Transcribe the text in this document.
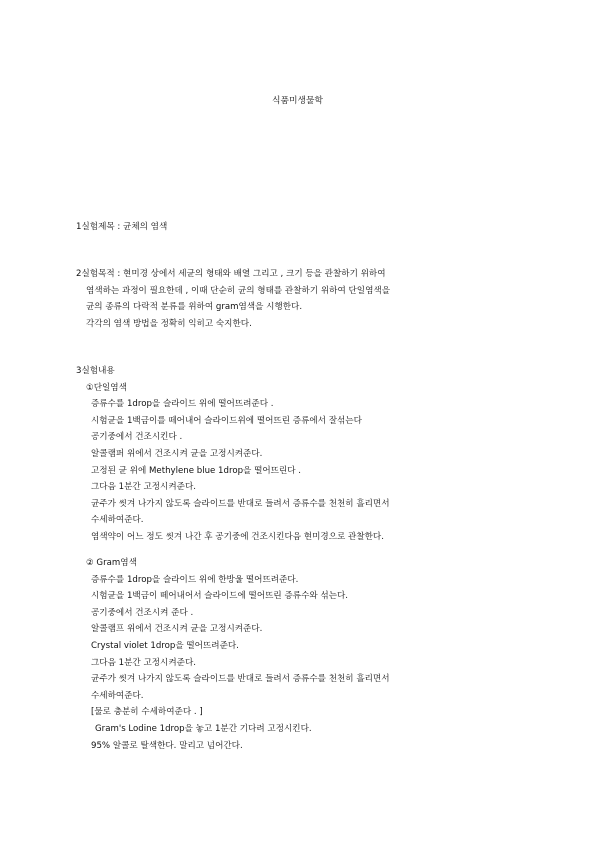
식품미생물학
1실험제목 : 균체의 염색
2실험목적 : 현미경 상에서 세균의 형태와 배열 그리고 , 크기 등을 관찰하기 위하여
염색하는 과정이 필요한데 , 이때 단순히 균의 형태를 관찰하기 위하여 단일염색을
균의 종류의 다락적 분류를 위하여 gram염색을 시행한다.
각각의 염색 방법을 정확히 익히고 숙지한다.
3실험내용
①단일염색
증류수를 1drop을 슬라이드 위에 떨어뜨려준다 .
시험균을 1백금이를 떼어내어 슬라이드위에 떨어뜨린 증류에서 잘섞는다
공기중에서 건조시킨다 .
알콜램퍼 위에서 건조시켜 균을 고정시켜준다.
고정된 균 위에 Methylene blue 1drop을 떨어뜨린다 .
그다음 1분간 고정시켜준다.
균주가 씻겨 나가지 않도록 슬라이드를 반대로 들려서 증류수를 천천히 흘리면서
수세하여준다.
염색약이 어느 정도 씻겨 나간 후 공기중에 건조시킨다음 현미경으로 관찰한다.
② Gram염색
증류수를 1drop을 슬라이드 위에 한방울 떨어뜨려준다.
시험균을 1백금이 떼어내어서 슬라이드에 떨어뜨린 증류수와 섞는다.
공기중에서 건조시켜 준다 .
알콜램프 위에서 건조시켜 균을 고정시켜준다.
Crystal violet 1drop을 떨어뜨려준다.
그다음 1분간 고정시켜준다.
균주가 씻겨 나가지 않도록 슬라이드를 반대로 들려서 증류수를 천천히 흘리면서
수세하여준다.
[물로 충분히 수세하여준다 . ]
Gram's Lodine 1drop을 놓고 1분간 기다려 고정시킨다.
95% 알콜로 탈색한다. 말리고 넘어간다.
